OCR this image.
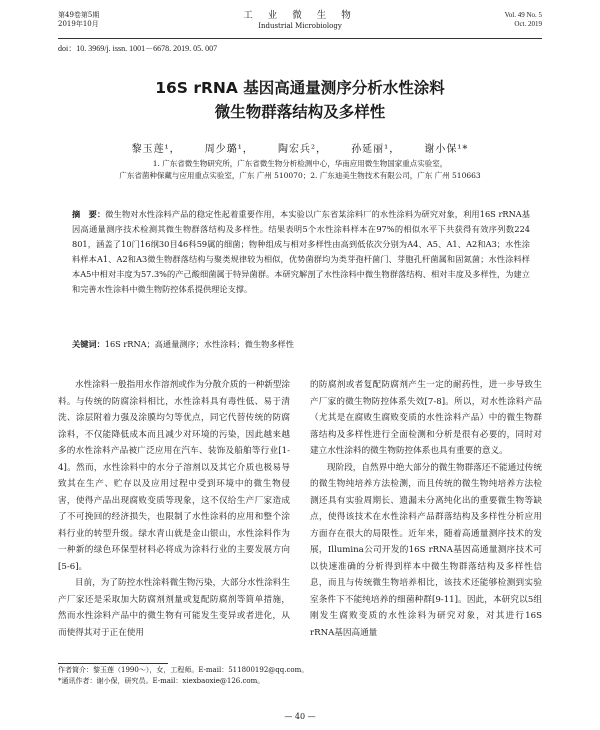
第49卷第5期
2019年10月
工 业 微 生 物
Industrial Microbiology
Vol. 49 No. 5
Oct. 2019
doi：10. 3969/j. issn. 1001－6678. 2019. 05. 007
16S rRNA 基因高通量测序分析水性涂料
微生物群落结构及多样性
黎玉莲¹， 周少璐¹， 陶宏兵²， 孙延丽¹， 谢小保¹*
1. 广东省微生物研究所，广东省微生物分析检测中心，华南应用微生物国家重点实验室，
广东省菌种保藏与应用重点实验室，广东 广州 510070；2. 广东迪美生物技术有限公司，广东 广州 510663
摘　要：微生物对水性涂料产品的稳定性起着重要作用，本实验以广东省某涂料厂的水性涂料为研究对象，利用16S rRNA基因高通量测序技术检测其微生物群落结构及多样性。结果表明5个水性涂料样本在97%的相似水平下共获得有效序列数224 801，涵盖了10门16纲30目46科59属的细菌；物种组成与相对多样性由高到低依次分别为A4、A5、A1、A2和A3；水性涂料样本A1、A2和A3微生物群落结构与聚类规律较为相似，优势菌群均为类芽孢杆菌门、芽胞孔杆菌属和固氮菌；水性涂料样本A5中相对丰度为57.3%的产己酸细菌属于特异菌群。本研究解剖了水性涂料中微生物群落结构、相对丰度及多样性，为建立和完善水性涂料中微生物防控体系提供理论支撑。
关键词：16S rRNA；高通量测序；水性涂料；微生物多样性

水性涂料一般指用水作溶剂或作为分散介质的一种新型涂料。与传统的防腐涂料相比，水性涂料具有毒性低、易于清洗、涂层附着力强及涂膜均匀等优点，同它代替传统的防腐涂料，不仅能降低成本而且减少对环境的污染，因此越来越多的水性涂料产品被广泛应用在汽车、装饰及船舶等行业[1-4]。然而，水性涂料中的水分子溶剂以及其它介质也极易导致其在生产、贮存以及应用过程中受到环境中的微生物侵害，使得产品出现腐败变质等现象，这不仅给生产厂家造成了不可挽回的经济损失，也限制了水性涂料的应用和整个涂料行业的转型升级。绿水青山就是金山银山，水性涂料作为一种新的绿色环保型材料必将成为涂料行业的主要发展方向[5-6]。

目前，为了防控水性涂料微生物污染，大部分水性涂料生产厂家还是采取加大防腐剂剂量或复配防腐剂等简单措施，然而水性涂料产品中的微生物有可能发生变异或者进化，从而使得其对于正在使用

的防腐剂或者复配防腐剂产生一定的耐药性，进一步导致生产厂家的微生物防控体系失效[7-8]。所以，对水性涂料产品（尤其是在腐败生腐败变质的水性涂料产品）中的微生物群落结构及多样性进行全面检测和分析是很有必要的，同时对建立水性涂料的微生物防控体系也具有重要的意义。

现阶段，自然界中绝大部分的微生物群落还不能通过传统的微生物纯培养方法检测，而且传统的微生物纯培养方法检测还具有实验周期长、遗漏未分离纯化出的重要微生物等缺点，使得该技术在水性涂料产品群落结构及多样性分析应用方面存在很大的局限性。近年来，随着高通量测序技术的发展，Illumina公司开发的16S rRNA基因高通量测序技术可以快速准确的分析得到样本中微生物群落结构及多样性信息，而且与传统微生物培养相比，该技术还能够检测到实验室条件下不能纯培养的细菌种群[9-11]。因此，本研究以5组刚发生腐败变质的水性涂料为研究对象，对其进行16S rRNA基因高通量

作者简介：黎玉莲（1990～），女，工程师。E-mail：511800192@qq.com。
*通讯作者：谢小保，研究员。E-mail：xiexbaoxie@126.com。
— 40 —
